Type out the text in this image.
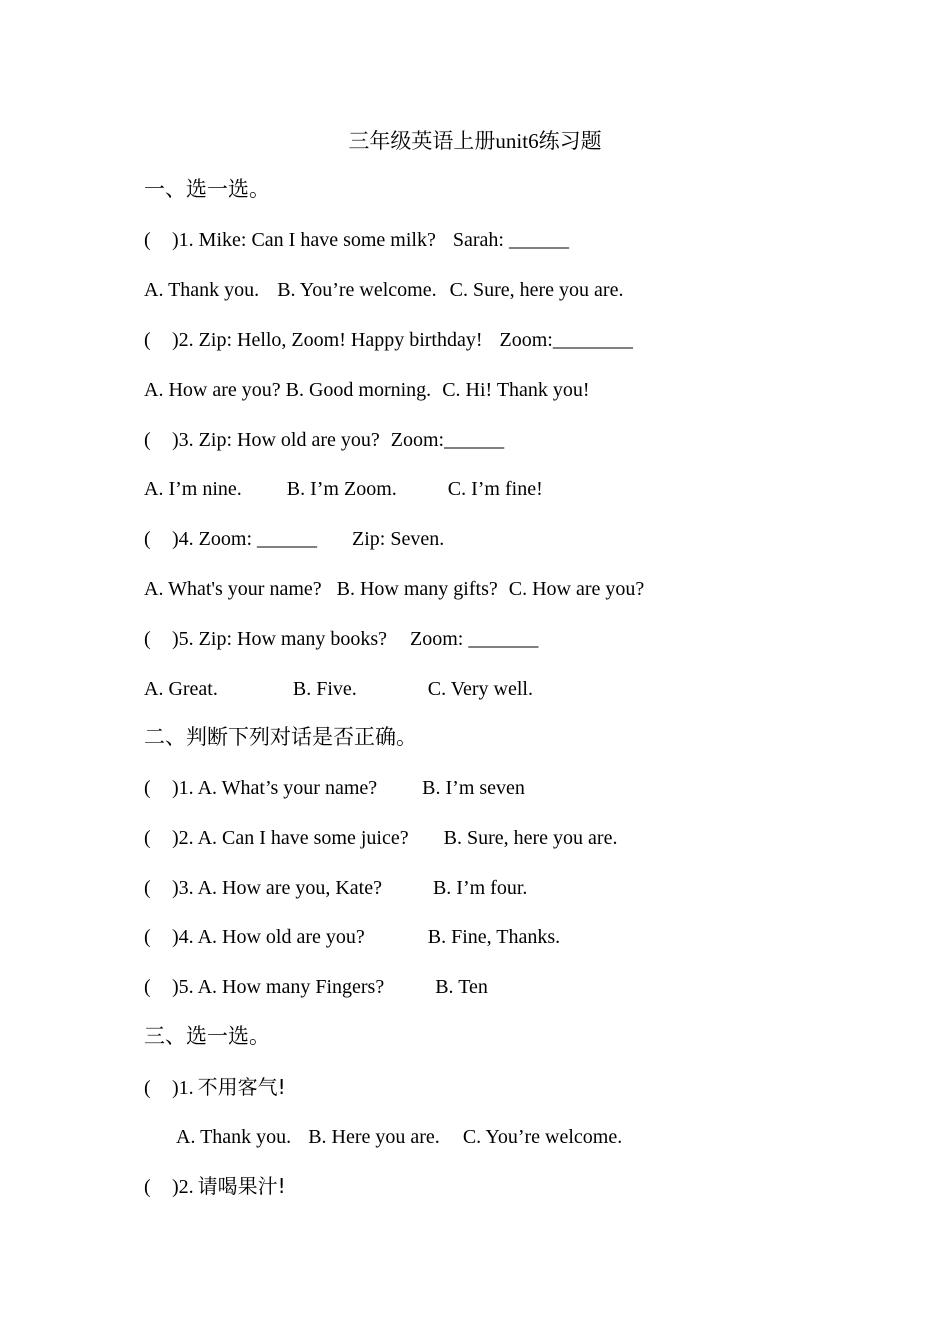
三年级英语上册unit6练习题
一、选一选。
( )1. Mike: Can I have some milk? Sarah: ______
A. Thank you. B. You’re welcome. C. Sure, here you are.
( )2. Zip: Hello, Zoom! Happy birthday! Zoom:________
A. How are you? B. Good morning. C. Hi! Thank you!
( )3. Zip: How old are you? Zoom:______
A. I’m nine. B. I’m Zoom.	C. I’m fine!
( )4. Zoom: ______ Zip: Seven.
A. What's your name? B. How many gifts? C. How are you?
( )5. Zip: How many books? Zoom: _______
A. Great.	B. Five.	C. Very well.
二、判断下列对话是否正确。
( )1. A. What’s your name? B. I’m seven
( )2. A. Can I have some juice? B. Sure, here you are.
( )3. A. How are you, Kate?	B. I’m four.
( )4. A. How old are you?	B. Fine, Thanks.
( )5. A. How many Fingers?	B. Ten
三、选一选。
( )1. 不用客气!
A. Thank you. B. Here you are. C. You’re welcome.
( )2. 请喝果汁!
